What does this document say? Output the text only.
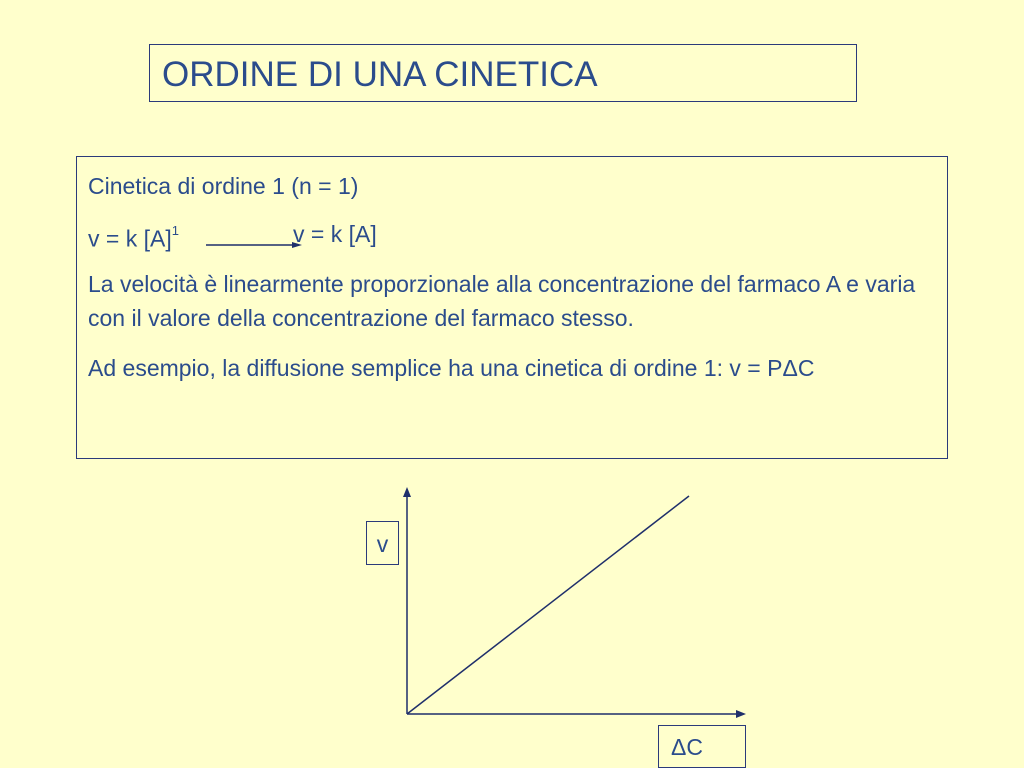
ORDINE DI UNA CINETICA

Cinetica di ordine 1 (n = 1)

v = k $[A]^1$	v = k [A]

La velocità è linearmente proporzionale alla concentrazione del farmaco A e varia con il valore della concentrazione del farmaco stesso.

Ad esempio, la diffusione semplice ha una cinetica di ordine 1: v = PΔC

v
ΔC
